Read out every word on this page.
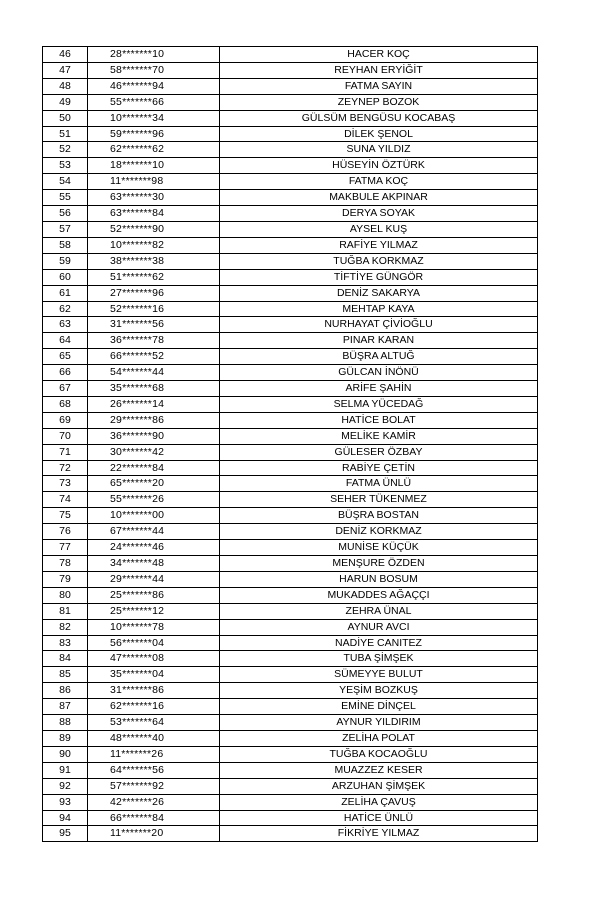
46	28*******10	HACER KOÇ
47	58*******70	REYHAN ERYİĞİT
48	46*******94	FATMA SAYIN
49	55*******66	ZEYNEP BOZOK
50	10*******34	GÜLSÜM BENGÜSU KOCABAŞ
51	59*******96	DİLEK ŞENOL
52	62*******62	SUNA YILDIZ
53	18*******10	HÜSEYİN ÖZTÜRK
54	11*******98	FATMA KOÇ
55	63*******30	MAKBULE AKPINAR
56	63*******84	DERYA SOYAK
57	52*******90	AYSEL KUŞ
58	10*******82	RAFİYE YILMAZ
59	38*******38	TUĞBA KORKMAZ
60	51*******62	TİFTİYE GÜNGÖR
61	27*******96	DENİZ SAKARYA
62	52*******16	MEHTAP KAYA
63	31*******56	NURHAYAT ÇİVİOĞLU
64	36*******78	PINAR KARAN
65	66*******52	BÜŞRA ALTUĞ
66	54*******44	GÜLCAN İNÖNÜ
67	35*******68	ARİFE ŞAHİN
68	26*******14	SELMA YÜCEDAĞ
69	29*******86	HATİCE BOLAT
70	36*******90	MELİKE KAMİR
71	30*******42	GÜLESER ÖZBAY
72	22*******84	RABİYE ÇETİN
73	65*******20	FATMA ÜNLÜ
74	55*******26	SEHER TÜKENMEZ
75	10*******00	BÜŞRA BOSTAN
76	67*******44	DENİZ KORKMAZ
77	24*******46	MUNİSE KÜÇÜK
78	34*******48	MENŞURE ÖZDEN
79	29*******44	HARUN BOSUM
80	25*******86	MUKADDES AĞAÇÇI
81	25*******12	ZEHRA ÜNAL
82	10*******78	AYNUR AVCI
83	56*******04	NADİYE CANITEZ
84	47*******08	TUBA ŞİMŞEK
85	35*******04	SÜMEYYE BULUT
86	31*******86	YEŞİM BOZKUŞ
87	62*******16	EMİNE DİNÇEL
88	53*******64	AYNUR YILDIRIM
89	48*******40	ZELİHA POLAT
90	11*******26	TUĞBA KOCAOĞLU
91	64*******56	MUAZZEZ KESER
92	57*******92	ARZUHAN ŞİMŞEK
93	42*******26	ZELİHA ÇAVUŞ
94	66*******84	HATİCE ÜNLÜ
95	11*******20	FİKRİYE YILMAZ
